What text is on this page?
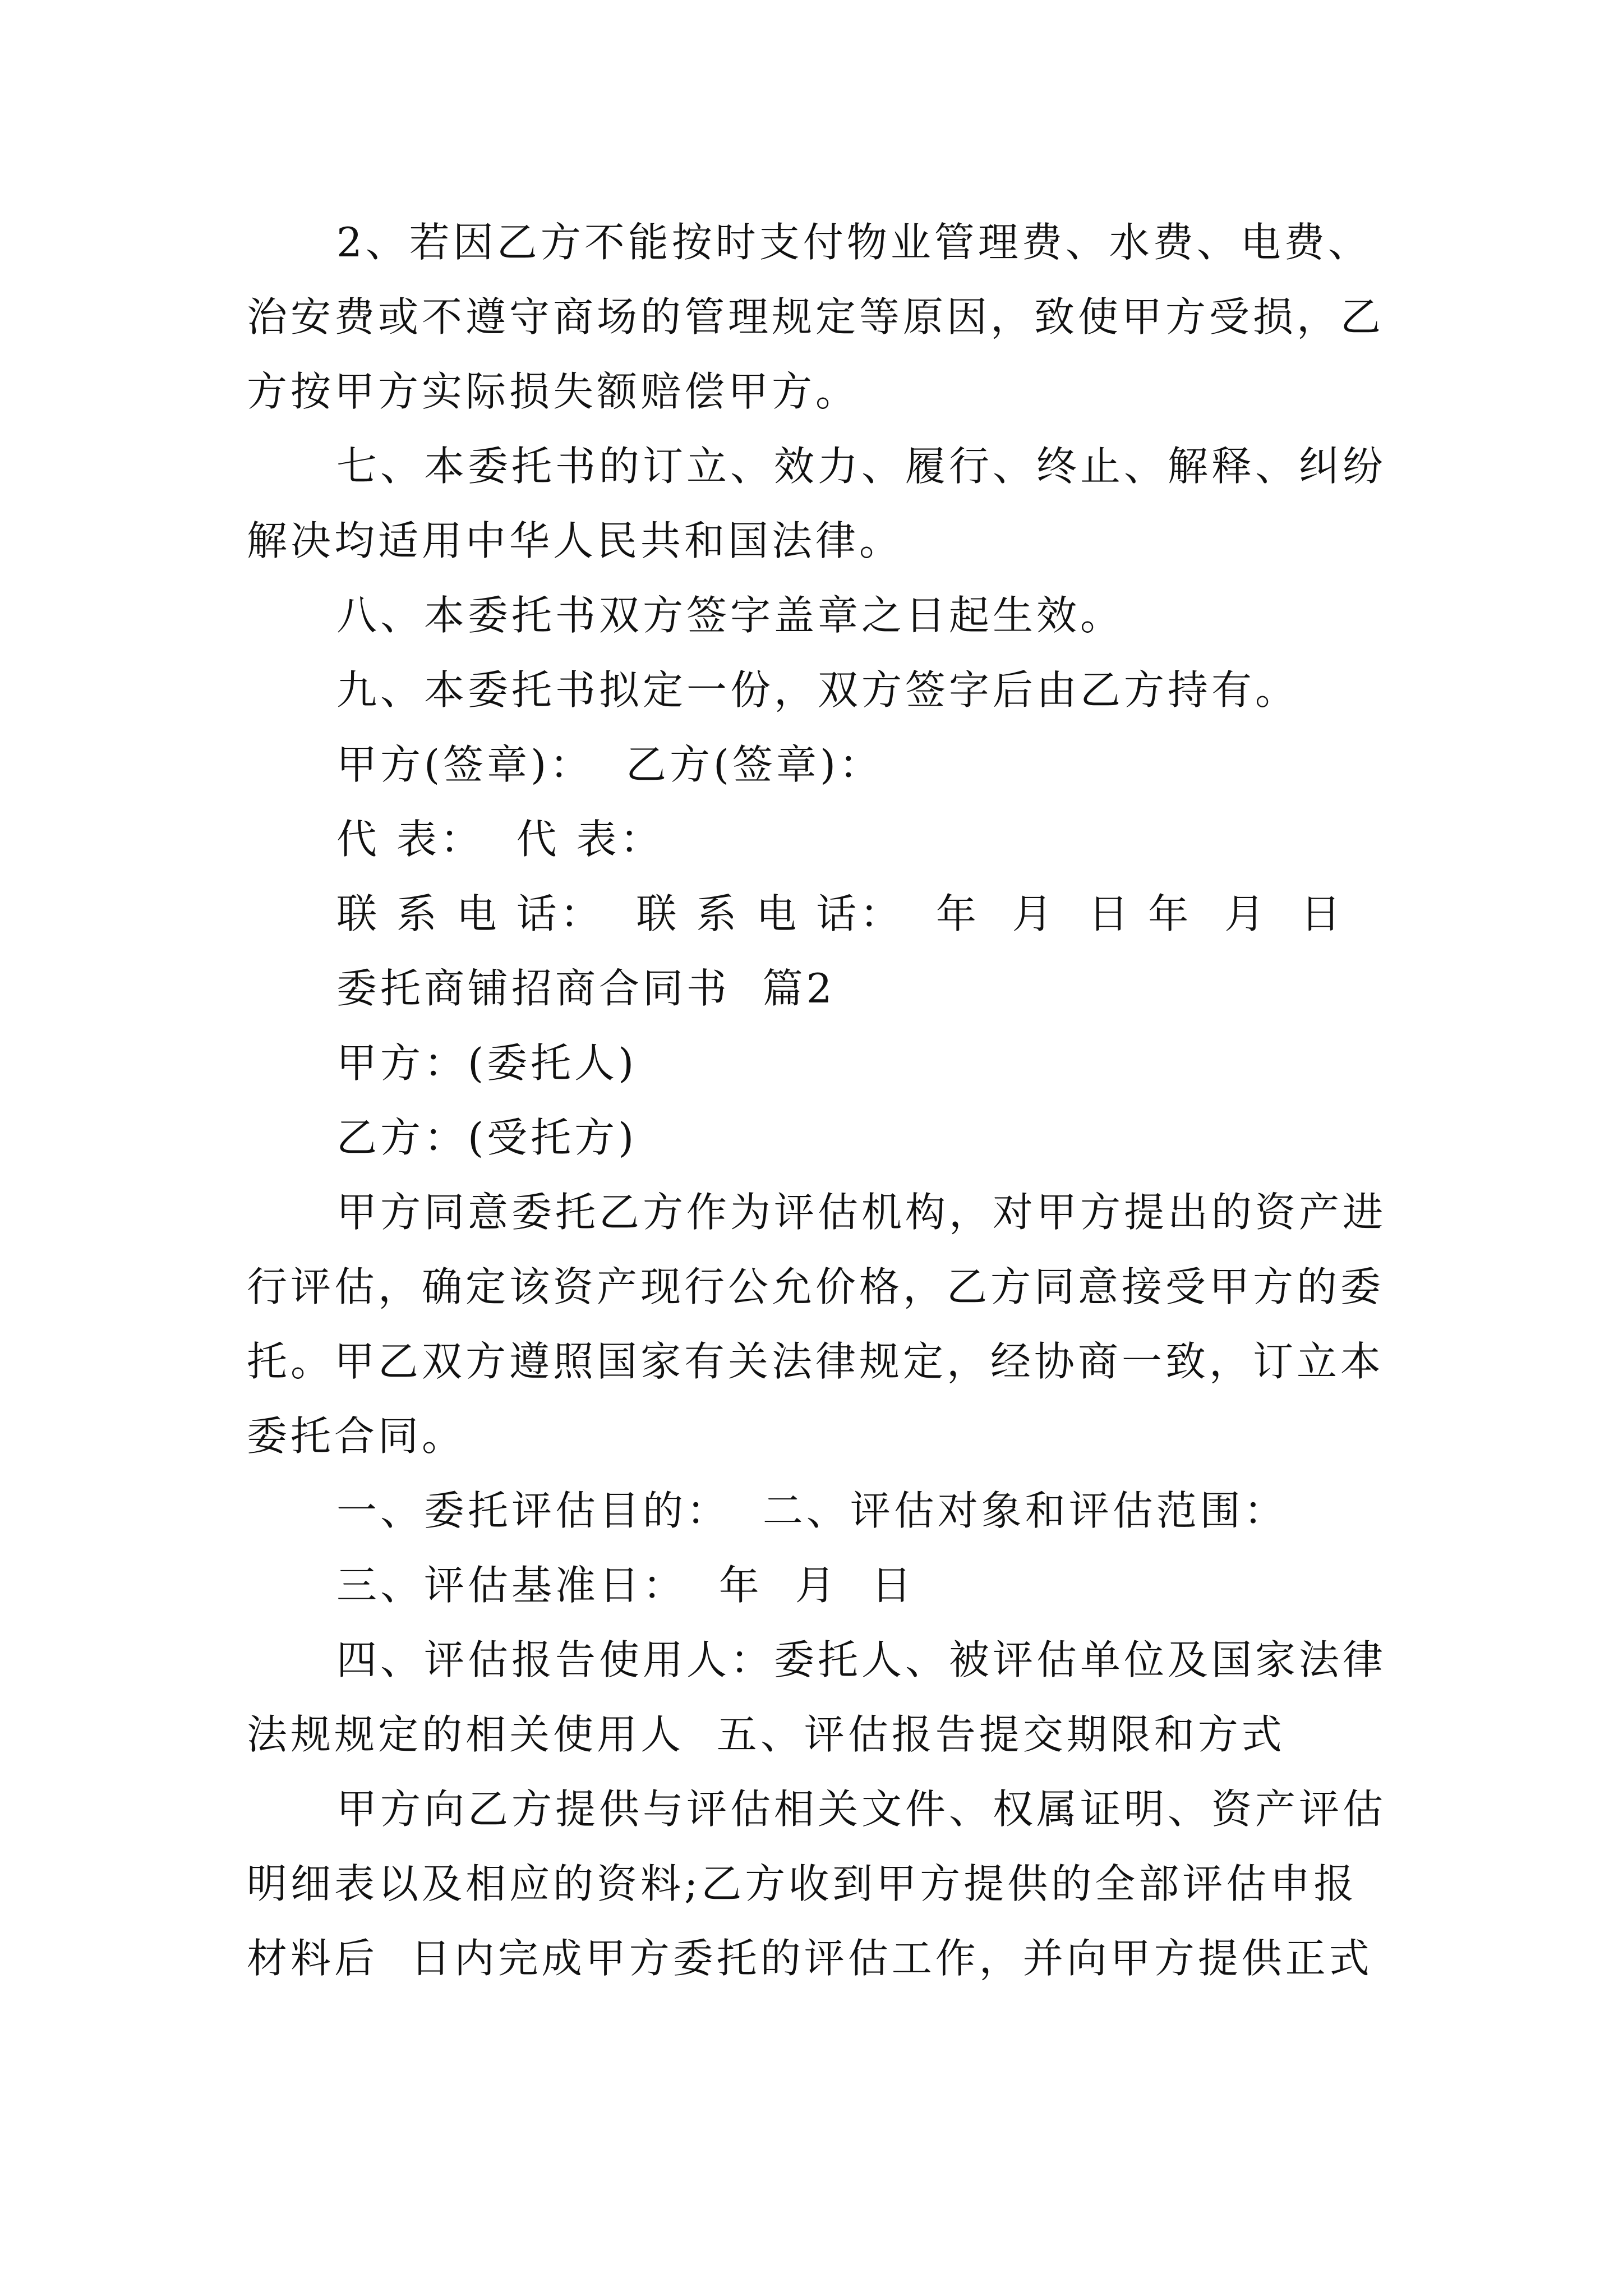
2、若因乙方不能按时支付物业管理费、水费、电费、

治安费或不遵守商场的管理规定等原因，致使甲方受损，乙

方按甲方实际损失额赔偿甲方。

七、本委托书的订立、效力、履行、终止、解释、纠纷

解决均适用中华人民共和国法律。

八、本委托书双方签字盖章之日起生效。

九、本委托书拟定一份，双方签字后由乙方持有。

甲方(签章)：  乙方(签章)：

代 表：  代 表：

联 系 电 话：  联 系 电 话：  年  月  日 年  月  日

委托商铺招商合同书  篇2

甲方：(委托人)

乙方：(受托方)

甲方同意委托乙方作为评估机构，对甲方提出的资产进

行评估，确定该资产现行公允价格，乙方同意接受甲方的委

托。甲乙双方遵照国家有关法律规定，经协商一致，订立本

委托合同。

一、委托评估目的：  二、评估对象和评估范围：

三、评估基准日：  年  月  日

四、评估报告使用人：委托人、被评估单位及国家法律

法规规定的相关使用人  五、评估报告提交期限和方式

甲方向乙方提供与评估相关文件、权属证明、资产评估

明细表以及相应的资料;乙方收到甲方提供的全部评估申报

材料后  日内完成甲方委托的评估工作，并向甲方提供正式
